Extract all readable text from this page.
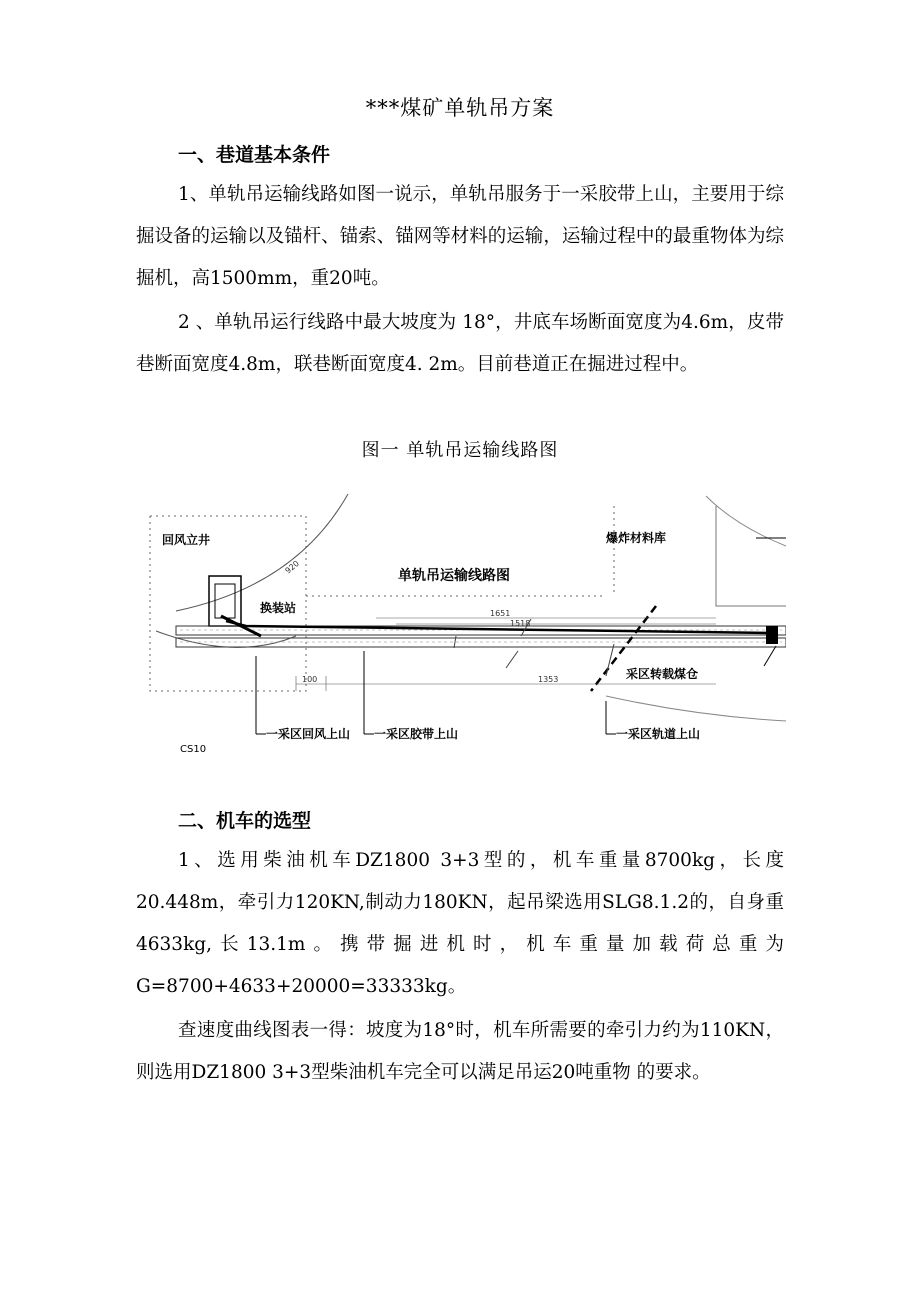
***煤矿单轨吊方案
一、巷道基本条件
1、单轨吊运输线路如图一说示，单轨吊服务于一采胶带上山，主要用于综掘设备的运输以及锚杆、锚索、锚网等材料的运输，运输过程中的最重物体为综掘机，高1500mm，重20吨。
2 、单轨吊运行线路中最大坡度为 18°，井底车场断面宽度为4.6m，皮带巷断面宽度4.8m，联巷断面宽度4. 2m。目前巷道正在掘进过程中。
图一 单轨吊运输线路图
回风立井
换装站
爆炸材料库
单轨吊运输线路图
采区转载煤仓
一采区回风上山 一采区胶带上山	一采区轨道上山
920
1651
1518
1353
100
CS10
二、机车的选型
1、选用柴油机车DZ1800 3+3型的，机车重量8700kg，长度20.448m，牵引力120KN,制动力180KN，起吊梁选用SLG8.1.2的，自身重4633kg,长13.1m。携带掘进机时，机车重量加载荷总重为G=8700+4633+20000=33333kg。
查速度曲线图表一得：坡度为18°时，机车所需要的牵引力约为110KN，则选用DZ1800 3+3型柴油机车完全可以满足吊运20吨重物 的要求。
